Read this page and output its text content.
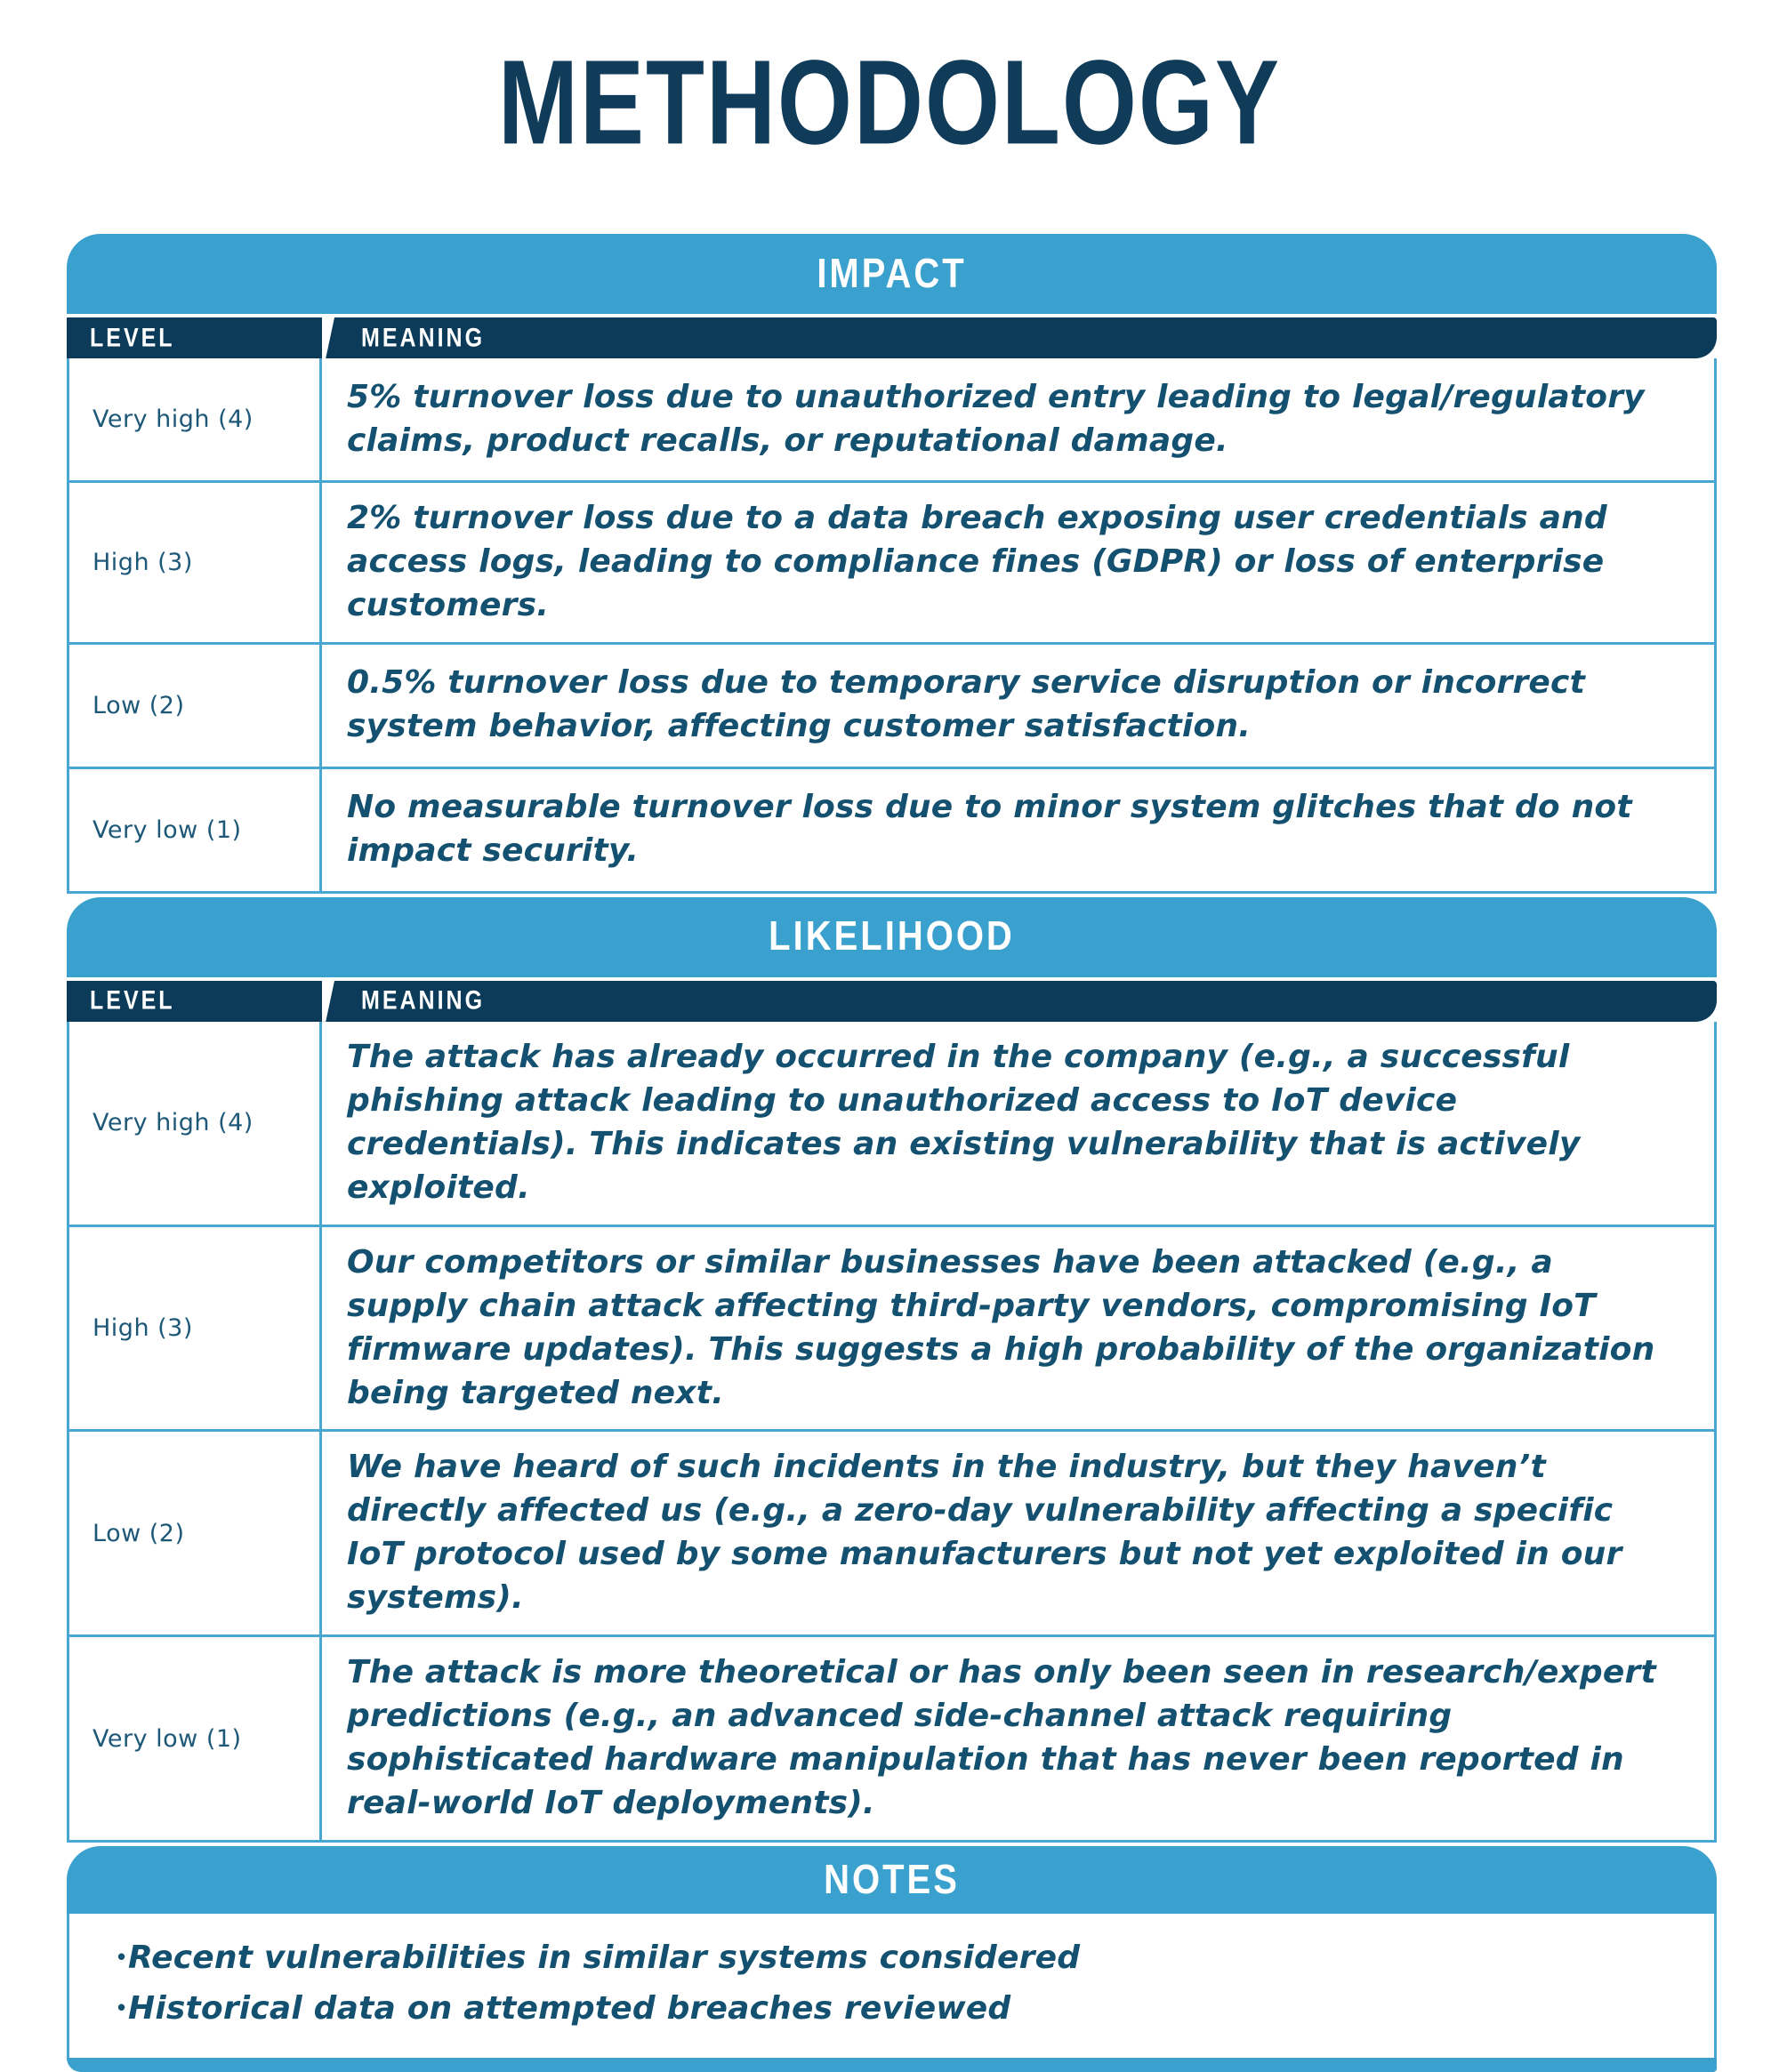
METHODOLOGY
IMPACT
LEVEL	MEANING
Very high (4)
5% turnover loss due to unauthorized entry leading to legal/regulatory claims, product recalls, or reputational damage.
High (3)
2% turnover loss due to a data breach exposing user credentials and access logs, leading to compliance fines (GDPR) or loss of enterprise customers.
Low (2)
0.5% turnover loss due to temporary service disruption or incorrect system behavior, affecting customer satisfaction.
Very low (1)
No measurable turnover loss due to minor system glitches that do not impact security.
LIKELIHOOD
LEVEL	MEANING
Very high (4)
The attack has already occurred in the company (e.g., a successful phishing attack leading to unauthorized access to IoT device credentials). This indicates an existing vulnerability that is actively exploited.
High (3)
Our competitors or similar businesses have been attacked (e.g., a supply chain attack affecting third-party vendors, compromising IoT firmware updates). This suggests a high probability of the organization being targeted next.
Low (2)
We have heard of such incidents in the industry, but they haven’t directly affected us (e.g., a zero-day vulnerability affecting a specific IoT protocol used by some manufacturers but not yet exploited in our systems).
Very low (1)
The attack is more theoretical or has only been seen in research/expert predictions (e.g., an advanced side-channel attack requiring sophisticated hardware manipulation that has never been reported in real-world IoT deployments).
NOTES
• Recent vulnerabilities in similar systems considered
• Historical data on attempted breaches reviewed
